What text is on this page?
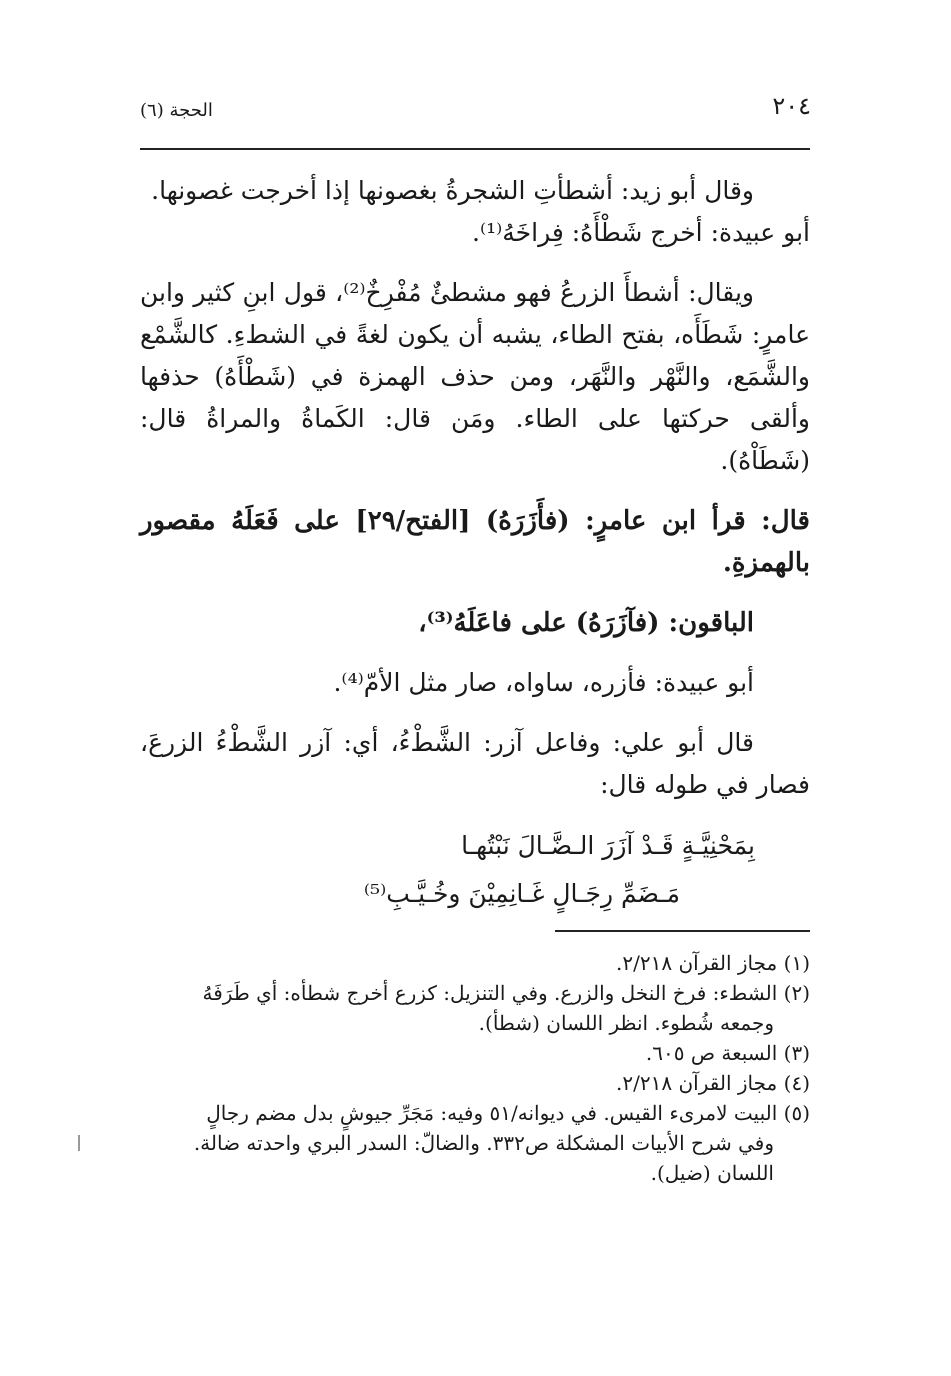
٢٠٤
الحجة (٦)

وقال أبو زيد: أشطأتِ الشجرةُ بغصونها إذا أخرجت غصونها.

أبو عبيدة: أخرج شَطْأَهُ: فِراخَهُ⁽¹⁾.

ويقال: أشطأَ الزرعُ فهو مشطئٌ مُفْرِخٌ⁽²⁾، قول ابنِ كثير وابن عامرٍ: شَطَأَه، بفتح الطاء، يشبه أن يكون لغةً في الشطءِ. كالشَّمْع والشَّمَع، والنَّهْر والنَّهَر، ومن حذف الهمزة في (شَطْأَهُ) حذفها وألقى حركتها على الطاء. ومَن قال: الكَماةُ والمراةُ قال: (شَطَاْهُ).

قال: قرأ ابن عامرٍ: (فأَزَرَهُ) [الفتح/٢٩] على فَعَلَهُ مقصور بالهمزةِ.

الباقون: (فآزَرَهُ) على فاعَلَهُ⁽³⁾،

أبو عبيدة: فأزره، ساواه، صار مثل الأمّ⁽⁴⁾.

قال أبو علي: وفاعل آزر: الشَّطْءُ، أي: آزر الشَّطْءُ الزرعَ، فصار في طوله قال:

بِمَحْنِيَّـةٍ قَـدْ آزَرَ الـضَّـالَ نَبْتُهـا
مَـضَمِّ رِجَـالٍ غَـانِمِيْنَ وخُـيَّـبِ⁽⁵⁾

(١) مجاز القرآن ٢/٢١٨.

(٢) الشطء: فرخ النخل والزرع. وفي التنزيل: كزرع أخرج شطأه: أي طَرَفَهُ
وجمعه شُطوء. انظر اللسان (شطأ).

(٣) السبعة ص ٦٠٥.

(٤) مجاز القرآن ٢/٢١٨.

(٥) البيت لامرىء القيس. في ديوانه/٥١ وفيه: مَجَرِّ جيوشٍ بدل مضم رجالٍ
وفي شرح الأبيات المشكلة ص٣٣٢. والضالّ: السدر البري واحدته ضالة. اللسان (ضيل).
